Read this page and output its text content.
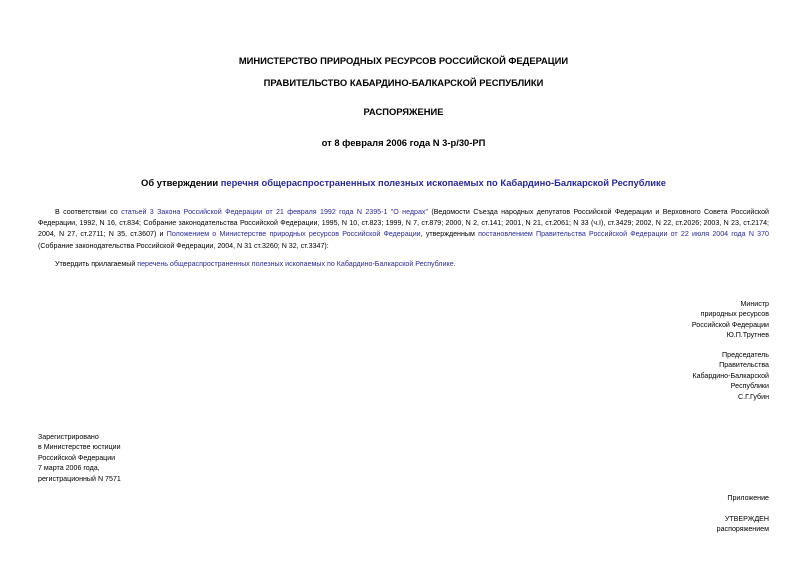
МИНИСТЕРСТВО ПРИРОДНЫХ РЕСУРСОВ РОССИЙСКОЙ ФЕДЕРАЦИИ
ПРАВИТЕЛЬСТВО КАБАРДИНО-БАЛКАРСКОЙ РЕСПУБЛИКИ
РАСПОРЯЖЕНИЕ
от 8 февраля 2006 года N 3-р/30-РП
Об утверждении перечня общераспространенных полезных ископаемых по Кабардино-Балкарской Республике
В соответствии со статьей 3 Закона Российской Федерации от 21 февраля 1992 года N 2395-1 "О недрах" (Ведомости Съезда народных депутатов Российской Федерации и Верховного Совета Российской Федерации, 1992, N 16, ст.834; Собрание законодательства Российской Федерации, 1995, N 10, ст.823; 1999, N 7, ст.879; 2000, N 2, ст.141; 2001, N 21, ст.2061; N 33 (ч.I), ст.3429; 2002, N 22, ст.2026; 2003, N 23, ст.2174; 2004, N 27, ст.2711; N 35, ст.3607) и Положением о Министерстве природных ресурсов Российской Федерации, утвержденным постановлением Правительства Российской Федерации от 22 июля 2004 года N 370 (Собрание законодательства Российской Федерации, 2004, N 31 ст.3260; N 32, ст.3347):
Утвердить прилагаемый перечень общераспространенных полезных ископаемых по Кабардино-Балкарской Республике.
Министр
природных ресурсов
Российской Федерации
Ю.П.Трутнев
Председатель
Правительства
Кабардино-Балкарской
Республики
С.Г.Губин
Зарегистрировано
в Министерстве юстиции
Российской Федерации
7 марта 2006 года,
регистрационный N 7571
Приложение
УТВЕРЖДЕН
распоряжением
